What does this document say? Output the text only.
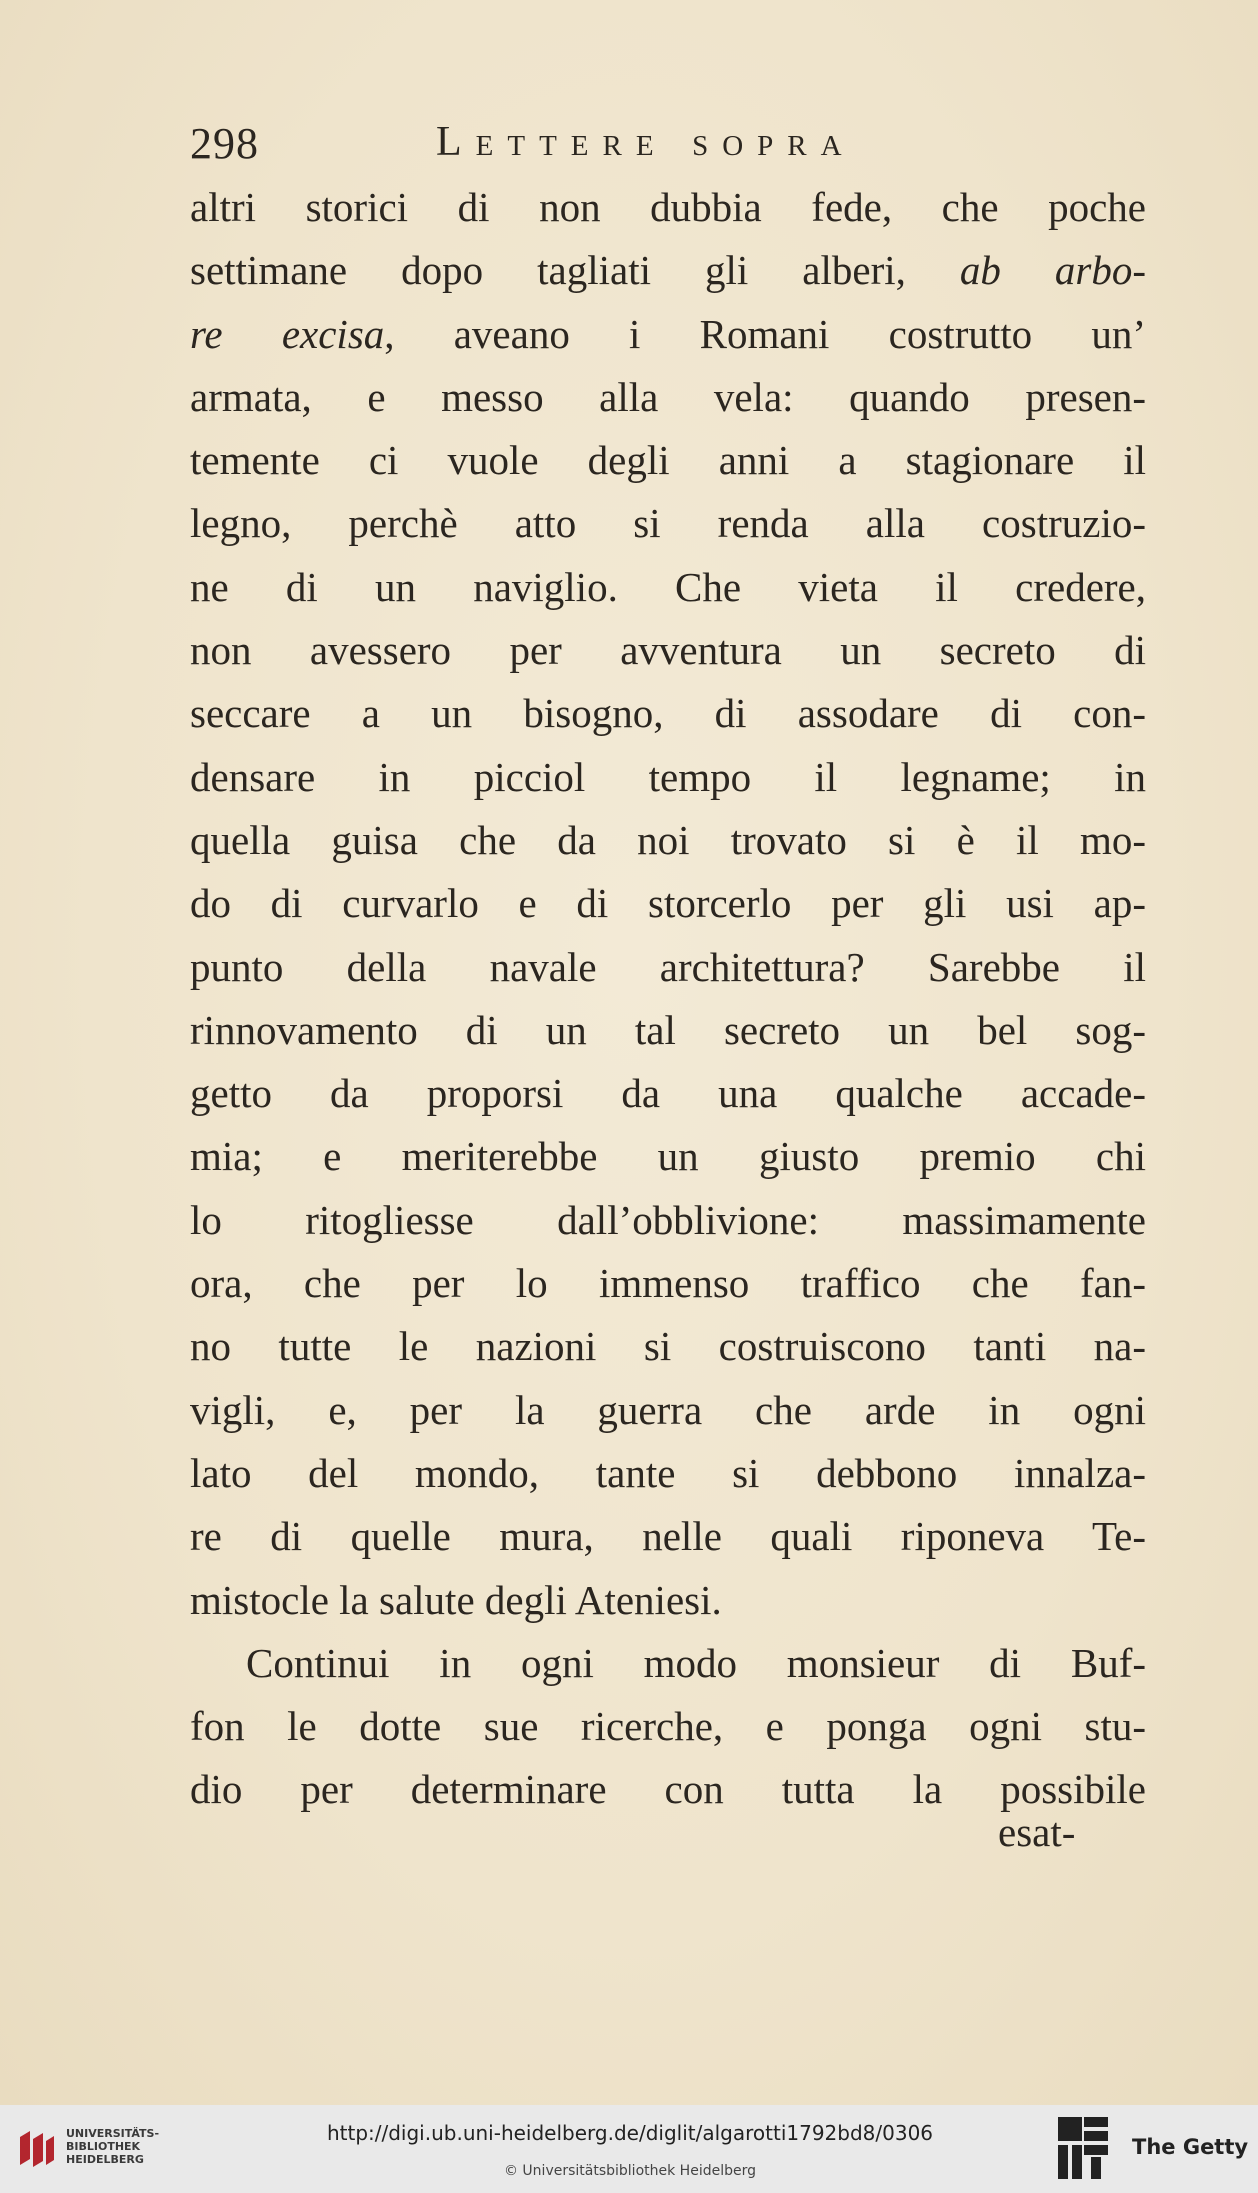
298	Lettere sopra
altri storici di non dubbia fede, che poche
settimane dopo tagliati gli alberi, ab arbo-
re excisa, aveano i Romani costrutto un’
armata, e messo alla vela: quando presen-
temente ci vuole degli anni a stagionare il
legno, perchè atto si renda alla costruzio-
ne di un naviglio. Che vieta il credere,
non avessero per avventura un secreto di
seccare a un bisogno, di assodare di con-
densare in picciol tempo il legname; in
quella guisa che da noi trovato si è il mo-
do di curvarlo e di storcerlo per gli usi ap-
punto della navale architettura? Sarebbe il
rinnovamento di un tal secreto un bel sog-
getto da proporsi da una qualche accade-
mia; e meriterebbe un giusto premio chi
lo ritogliesse dall’obblivione: massimamente
ora, che per lo immenso traffico che fan-
no tutte le nazioni si costruiscono tanti na-
vigli, e, per la guerra che arde in ogni
lato del mondo, tante si debbono innalza-
re di quelle mura, nelle quali riponeva Te-
mistocle la salute degli Ateniesi.
Continui in ogni modo monsieur di Buf-
fon le dotte sue ricerche, e ponga ogni stu-
dio per determinare con tutta la possibile
esat-
UNIVERSITÄTS-
BIBLIOTHEK
HEIDELBERG
http://digi.ub.uni-heidelberg.de/diglit/algarotti1792bd8/0306
© Universitätsbibliothek Heidelberg
The Getty
